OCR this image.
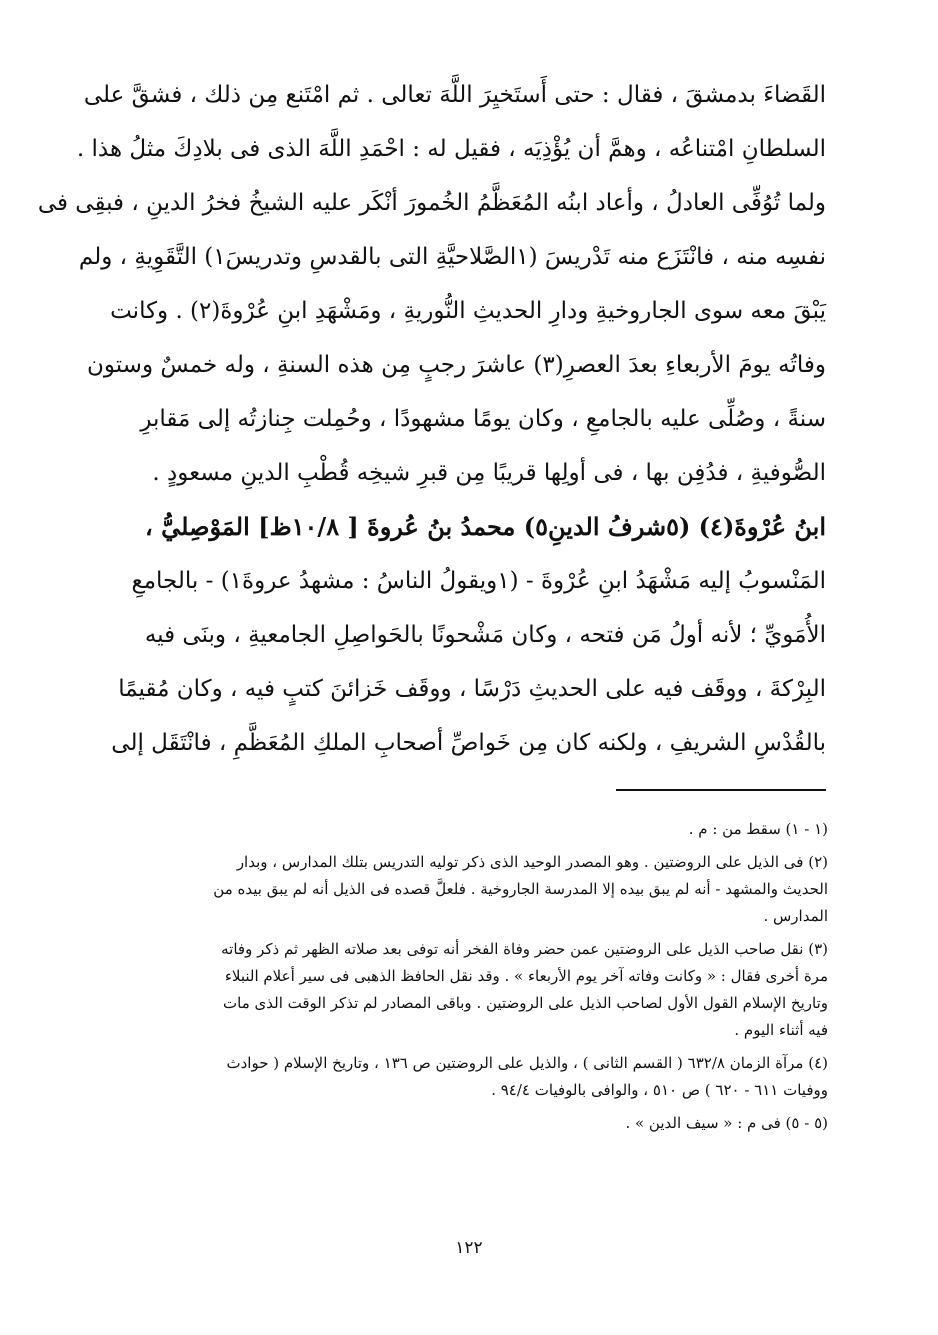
القَضاءَ بدمشقَ ، فقال : حتى أَستَخيِرَ اللَّهَ تعالى . ثم امْتَنع مِن ذلك ، فشقَّ على
السلطانِ امْتناعُه ، وهمَّ أن يُؤْذِيَه ، فقيل له : احْمَدِ اللَّهَ الذى فى بلادِكَ مثلُ هذا .
ولما تُوُفِّى العادلُ ، وأعاد ابنُه المُعَظَّمُ الخُمورَ أنْكَر عليه الشيخُ فخرُ الدينِ ، فبقِى فى
نفسِه منه ، فانْتَزَع منه تَدْريسَ (١الصَّلاحيَّةِ التى بالقدسِ وتدريسَ١) التَّقَوِيةِ ، ولم
يَبْقَ معه سوى الجاروخيةِ ودارِ الحديثِ النُّوريةِ ، ومَشْهَدِ ابنِ عُرْوةَ(٢) . وكانت
وفاتُه يومَ الأربعاءِ بعدَ العصرِ(٣) عاشرَ رجبٍ مِن هذه السنةِ ، وله خمسٌ وستون
سنةً ، وصُلِّى عليه بالجامعِ ، وكان يومًا مشهودًا ، وحُمِلت جِنازتُه إلى مَقابرِ
الصُّوفيةِ ، فدُفِن بها ، فى أولِها قريبًا مِن قبرِ شيخِه قُطْبِ الدينِ مسعودٍ .
ابنُ عُرْوةَ(٤) (٥شرفُ الدينِ٥) محمدُ بنُ عُروةَ [ ١٠/٨ظ] المَوْصِليُّ ،
المَنْسوبُ إليه مَشْهَدُ ابنِ عُرْوةَ - (١ويقولُ الناسُ : مشهدُ عروةَ١) - بالجامعِ
الأُمَويِّ ؛ لأنه أولُ مَن فتحه ، وكان مَشْحونًا بالحَواصِلِ الجامعيةِ ، وبنَى فيه
البِرْكةَ ، ووقَف فيه على الحديثِ دَرْسًا ، ووقَف خَزائنَ كتبٍ فيه ، وكان مُقيمًا
بالقُدْسِ الشريفِ ، ولكنه كان مِن خَواصِّ أصحابِ الملكِ المُعَظَّمِ ، فانْتَقَل إلى
(١ - ١) سقط من : م .
(٢) فى الذيل على الروضتين . وهو المصدر الوحيد الذى ذكر توليه التدريس بتلك المدارس ، وبدار
الحديث والمشهد - أنه لم يبق بيده إلا المدرسة الجاروخية . فلعلَّ قصده فى الذيل أنه لم يبق بيده من
المدارس .
(٣) نقل صاحب الذيل على الروضتين عمن حضر وفاة الفخر أنه توفى بعد صلاته الظهر ثم ذكر وفاته
مرة أخرى فقال : « وكانت وفاته آخر يوم الأربعاء » . وقد نقل الحافظ الذهبى فى سير أعلام النبلاء
وتاريخ الإسلام القول الأول لصاحب الذيل على الروضتين . وباقى المصادر لم تذكر الوقت الذى مات
فيه أثناء اليوم .
(٤) مرآة الزمان ٦٣٢/٨ ( القسم الثانى ) ، والذيل على الروضتين ص ١٣٦ ، وتاريخ الإسلام ( حوادث
ووفيات ٦١١ - ٦٢٠ ) ص ٥١٠ ، والوافى بالوفيات ٩٤/٤ .
(٥ - ٥) فى م : « سيف الدين » .
١٢٢
